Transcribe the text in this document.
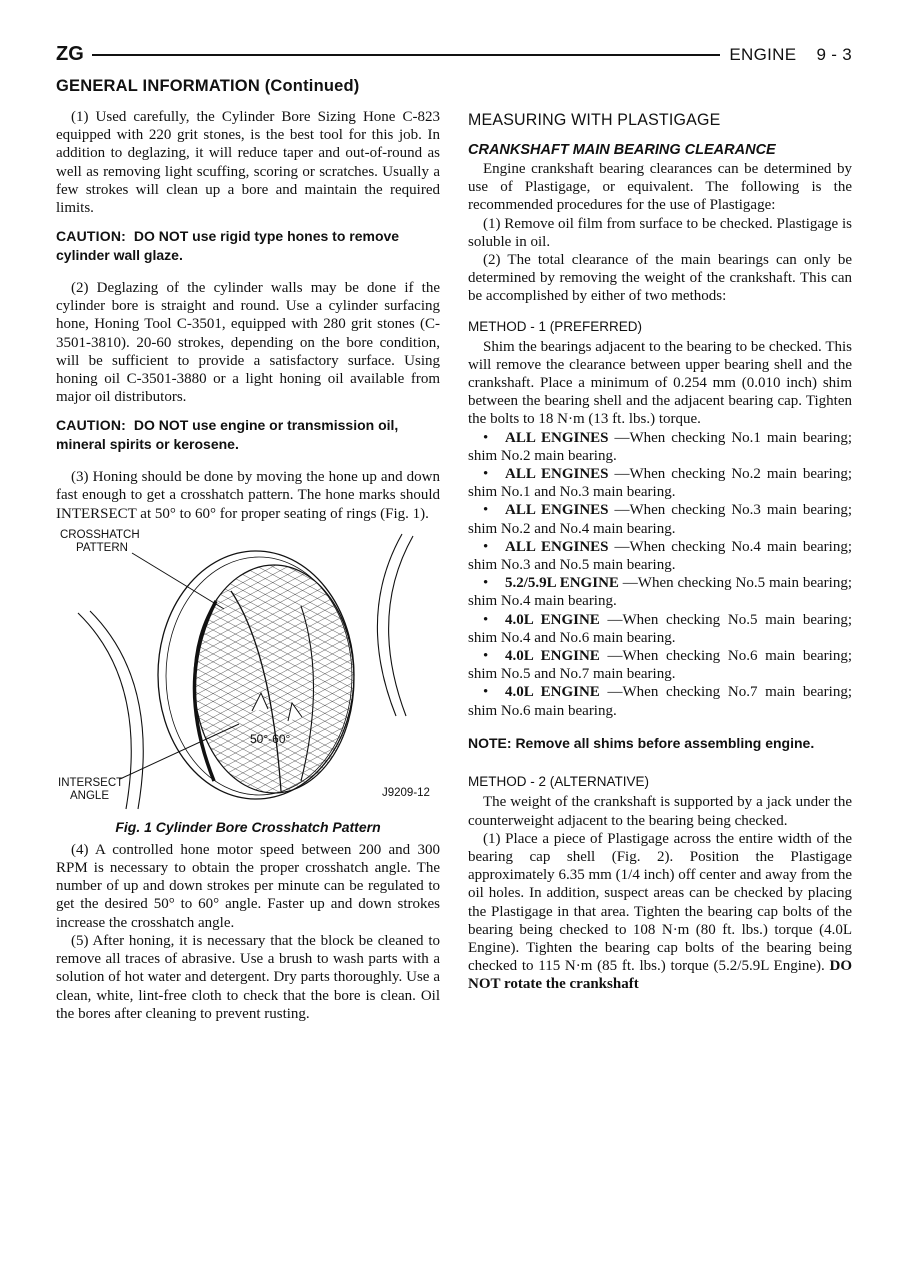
ZG	ENGINE    9 - 3
GENERAL INFORMATION (Continued)

(1) Used carefully, the Cylinder Bore Sizing Hone C-823 equipped with 220 grit stones, is the best tool for this job. In addition to deglazing, it will reduce taper and out-of-round as well as removing light scuffing, scoring or scratches. Usually a few strokes will clean up a bore and maintain the required limits.

CAUTION: DO NOT use rigid type hones to remove cylinder wall glaze.

(2) Deglazing of the cylinder walls may be done if the cylinder bore is straight and round. Use a cylinder surfacing hone, Honing Tool C-3501, equipped with 280 grit stones (C-3501-3810). 20-60 strokes, depending on the bore condition, will be sufficient to provide a satisfactory surface. Using honing oil C-3501-3880 or a light honing oil available from major oil distributors.

CAUTION: DO NOT use engine or transmission oil, mineral spirits or kerosene.

(3) Honing should be done by moving the hone up and down fast enough to get a crosshatch pattern. The hone marks should INTERSECT at 50° to 60° for proper seating of rings (Fig. 1).

CROSSHATCH
PATTERN
INTERSECT
ANGLE
50°-60°
J9209-12
Fig. 1 Cylinder Bore Crosshatch Pattern

(4) A controlled hone motor speed between 200 and 300 RPM is necessary to obtain the proper crosshatch angle. The number of up and down strokes per minute can be regulated to get the desired 50° to 60° angle. Faster up and down strokes increase the crosshatch angle.

(5) After honing, it is necessary that the block be cleaned to remove all traces of abrasive. Use a brush to wash parts with a solution of hot water and detergent. Dry parts thoroughly. Use a clean, white, lint-free cloth to check that the bore is clean. Oil the bores after cleaning to prevent rusting.

MEASURING WITH PLASTIGAGE
CRANKSHAFT MAIN BEARING CLEARANCE

Engine crankshaft bearing clearances can be determined by use of Plastigage, or equivalent. The following is the recommended procedures for the use of Plastigage:

(1) Remove oil film from surface to be checked. Plastigage is soluble in oil.

(2) The total clearance of the main bearings can only be determined by removing the weight of the crankshaft. This can be accomplished by either of two methods:

METHOD - 1 (PREFERRED)

Shim the bearings adjacent to the bearing to be checked. This will remove the clearance between upper bearing shell and the crankshaft. Place a minimum of 0.254 mm (0.010 inch) shim between the bearing shell and the adjacent bearing cap. Tighten the bolts to 18 N·m (13 ft. lbs.) torque.

• ALL ENGINES —When checking No.1 main bearing; shim No.2 main bearing.
• ALL ENGINES —When checking No.2 main bearing; shim No.1 and No.3 main bearing.
• ALL ENGINES —When checking No.3 main bearing; shim No.2 and No.4 main bearing.
• ALL ENGINES —When checking No.4 main bearing; shim No.3 and No.5 main bearing.
• 5.2/5.9L ENGINE —When checking No.5 main bearing; shim No.4 main bearing.
• 4.0L ENGINE —When checking No.5 main bearing; shim No.4 and No.6 main bearing.
• 4.0L ENGINE —When checking No.6 main bearing; shim No.5 and No.7 main bearing.
• 4.0L ENGINE —When checking No.7 main bearing; shim No.6 main bearing.

NOTE: Remove all shims before assembling engine.

METHOD - 2 (ALTERNATIVE)

The weight of the crankshaft is supported by a jack under the counterweight adjacent to the bearing being checked.

(1) Place a piece of Plastigage across the entire width of the bearing cap shell (Fig. 2). Position the Plastigage approximately 6.35 mm (1/4 inch) off center and away from the oil holes. In addition, suspect areas can be checked by placing the Plastigage in that area. Tighten the bearing cap bolts of the bearing being checked to 108 N·m (80 ft. lbs.) torque (4.0L Engine). Tighten the bearing cap bolts of the bearing being checked to 115 N·m (85 ft. lbs.) torque (5.2/5.9L Engine). DO NOT rotate the crankshaft
